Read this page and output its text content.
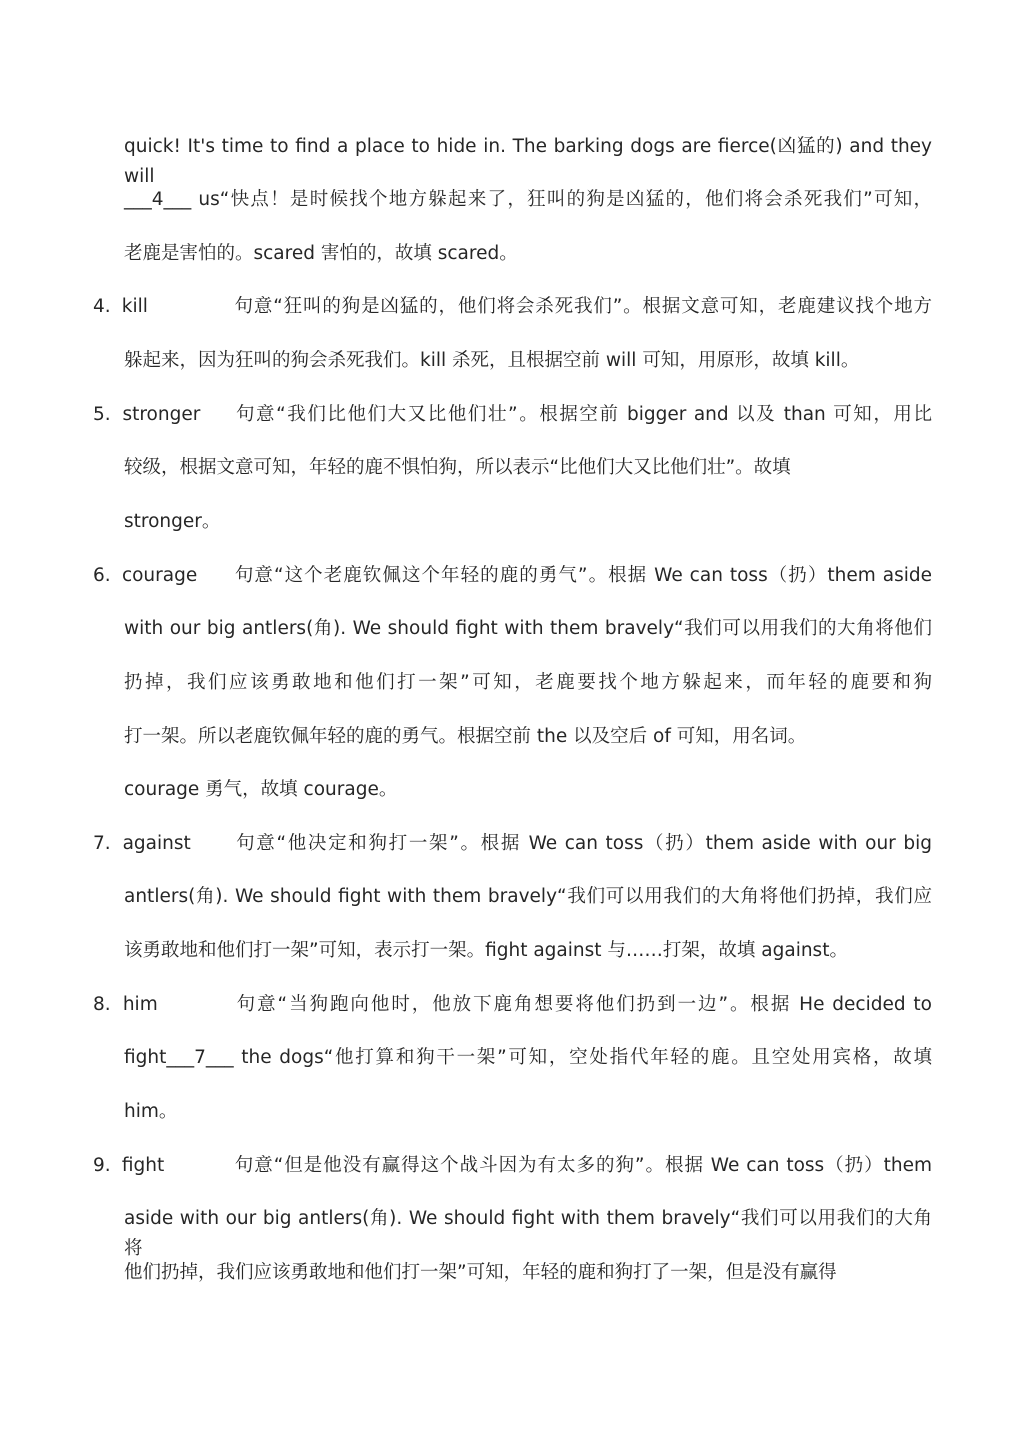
quick! It's time to find a place to hide in. The barking dogs are fierce(凶猛的) and they will
___4___ us“快点！是时候找个地方躲起来了，狂叫的狗是凶猛的，他们将会杀死我们”可知，
老鹿是害怕的。scared 害怕的，故填 scared。
4. kill	句意“狂叫的狗是凶猛的，他们将会杀死我们”。根据文意可知，老鹿建议找个地方
躲起来，因为狂叫的狗会杀死我们。kill 杀死，且根据空前 will 可知，用原形，故填 kill。
5. stronger 句意“我们比他们大又比他们壮”。根据空前 bigger and 以及 than 可知，用比
较级，根据文意可知，年轻的鹿不惧怕狗，所以表示“比他们大又比他们壮”。故填
stronger。
6. courage 句意“这个老鹿钦佩这个年轻的鹿的勇气”。根据 We can toss（扔）them aside
with our big antlers(角). We should fight with them bravely“我们可以用我们的大角将他们
扔掉，我们应该勇敢地和他们打一架”可知，老鹿要找个地方躲起来，而年轻的鹿要和狗
打一架。所以老鹿钦佩年轻的鹿的勇气。根据空前 the 以及空后 of 可知，用名词。
courage 勇气，故填 courage。
7. against 句意“他决定和狗打一架”。根据 We can toss（扔）them aside with our big
antlers(角). We should fight with them bravely“我们可以用我们的大角将他们扔掉，我们应
该勇敢地和他们打一架”可知，表示打一架。fight against 与……打架，故填 against。
8. him	句意“当狗跑向他时，他放下鹿角想要将他们扔到一边”。根据 He decided to
fight___7___ the dogs“他打算和狗干一架”可知，空处指代年轻的鹿。且空处用宾格，故填
him。
9. fight	句意“但是他没有赢得这个战斗因为有太多的狗”。根据 We can toss（扔）them
aside with our big antlers(角). We should fight with them bravely“我们可以用我们的大角将
他们扔掉，我们应该勇敢地和他们打一架”可知，年轻的鹿和狗打了一架，但是没有赢得
